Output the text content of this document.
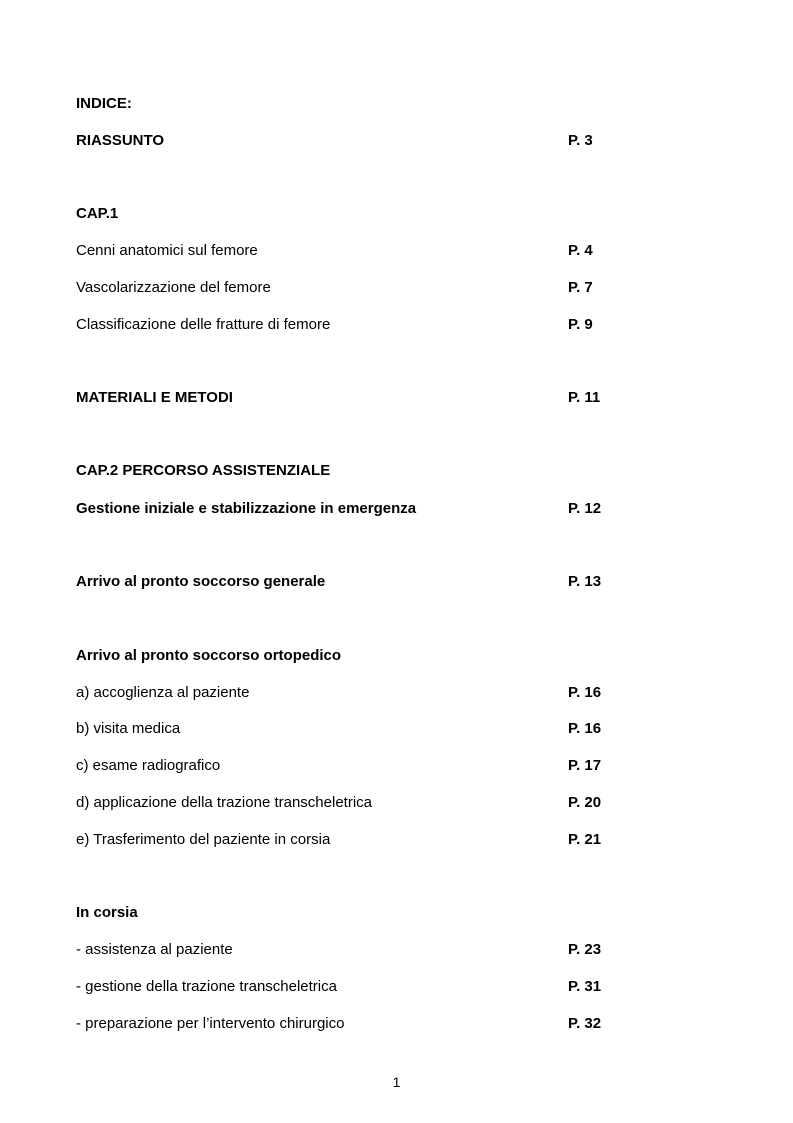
INDICE:
RIASSUNTO	P. 3
CAP.1
Cenni anatomici sul femore	P. 4
Vascolarizzazione del femore	P. 7
Classificazione delle fratture di femore	P. 9
MATERIALI E METODI	P. 11
CAP.2 PERCORSO ASSISTENZIALE
Gestione iniziale e stabilizzazione in emergenza	P. 12
Arrivo al pronto soccorso generale	P. 13
Arrivo al pronto soccorso ortopedico
a) accoglienza al paziente	P. 16
b) visita medica	P. 16
c) esame radiografico	P. 17
d) applicazione della trazione transcheletrica	P. 20
e) Trasferimento del paziente in corsia	P. 21
In corsia
- assistenza al paziente	P. 23
- gestione della trazione transcheletrica	P. 31
- preparazione per l’intervento chirurgico	P. 32
1
